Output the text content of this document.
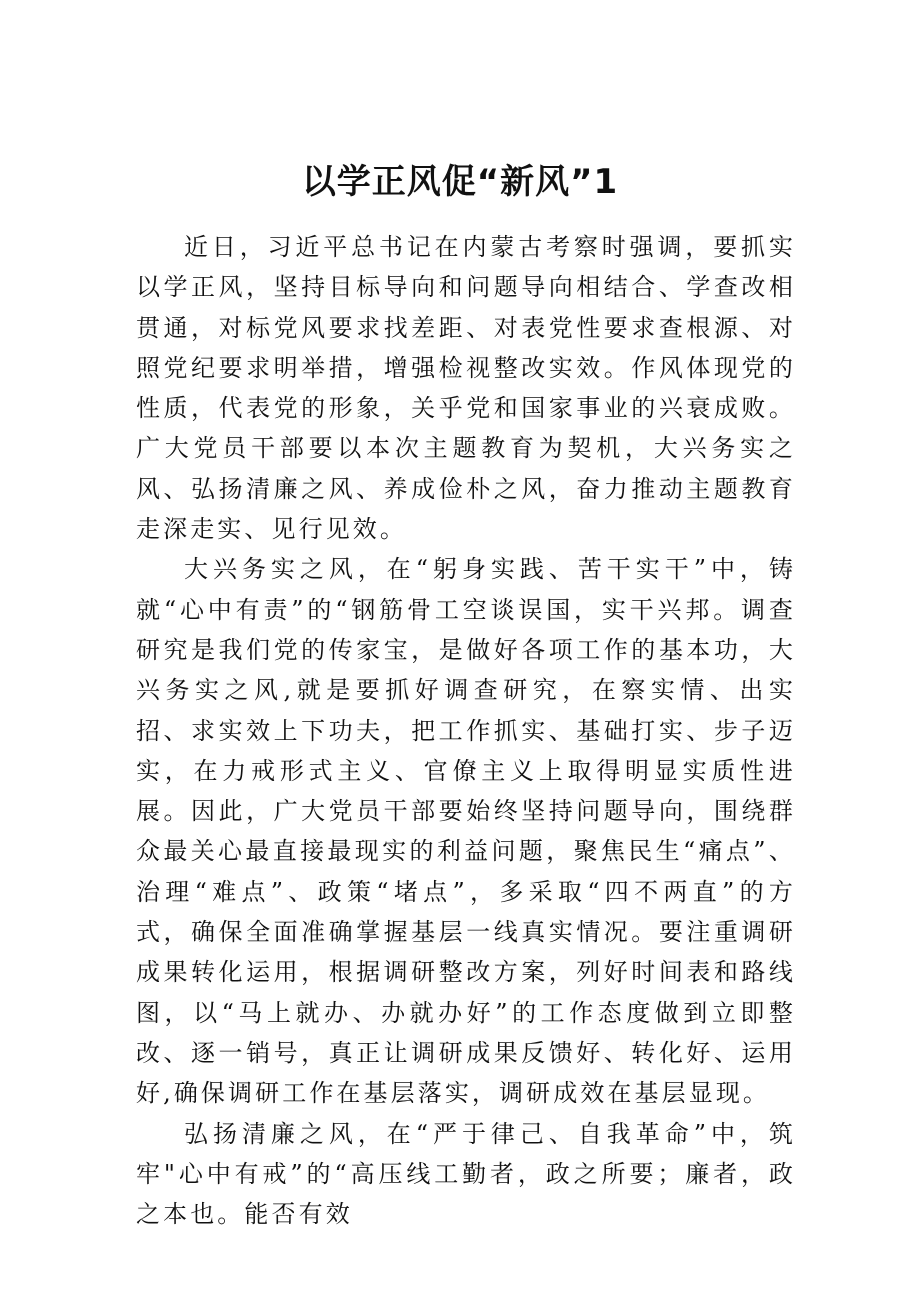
以学正风促“新风”1

近日，习近平总书记在内蒙古考察时强调，要抓实以学正风，坚持目标导向和问题导向相结合、学查改相贯通，对标党风要求找差距、对表党性要求查根源、对照党纪要求明举措，增强检视整改实效。作风体现党的性质，代表党的形象，关乎党和国家事业的兴衰成败。广大党员干部要以本次主题教育为契机，大兴务实之风、弘扬清廉之风、养成俭朴之风，奋力推动主题教育走深走实、见行见效。

大兴务实之风，在“躬身实践、苦干实干”中，铸就“心中有责”的“钢筋骨工空谈误国，实干兴邦。调查研究是我们党的传家宝，是做好各项工作的基本功，大兴务实之风,就是要抓好调查研究，在察实情、出实招、求实效上下功夫，把工作抓实、基础打实、步子迈实，在力戒形式主义、官僚主义上取得明显实质性进展。因此，广大党员干部要始终坚持问题导向，围绕群众最关心最直接最现实的利益问题，聚焦民生“痛点”、治理“难点”、政策“堵点”，多采取“四不两直”的方式，确保全面准确掌握基层一线真实情况。要注重调研成果转化运用，根据调研整改方案，列好时间表和路线图，以“马上就办、办就办好”的工作态度做到立即整改、逐一销号，真正让调研成果反馈好、转化好、运用好,确保调研工作在基层落实，调研成效在基层显现。

弘扬清廉之风，在“严于律己、自我革命”中，筑牢"心中有戒”的“高压线工勤者，政之所要；廉者，政之本也。能否有效
